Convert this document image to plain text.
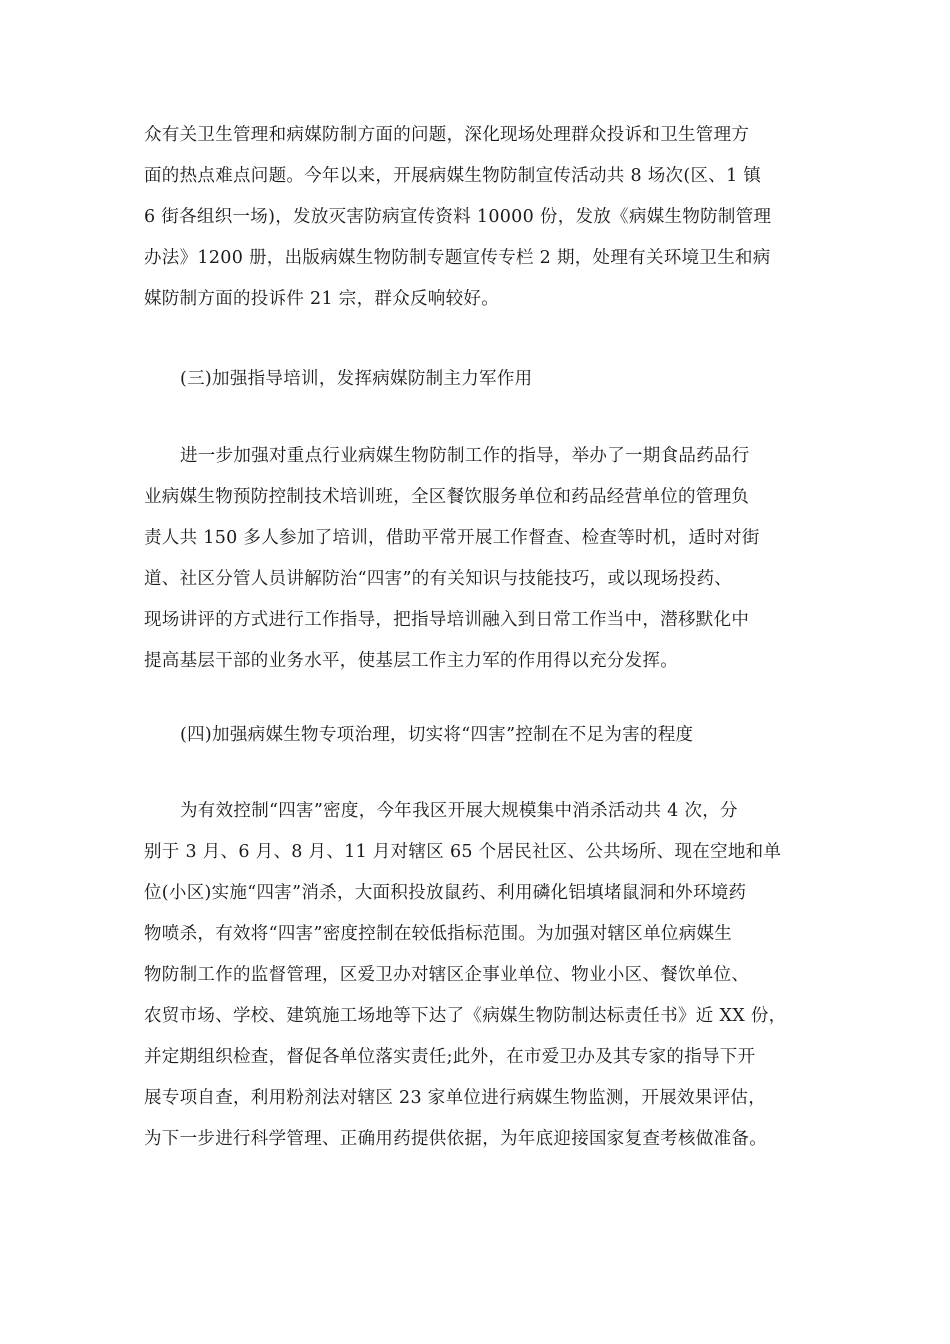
众有关卫生管理和病媒防制方面的问题，深化现场处理群众投诉和卫生管理方
面的热点难点问题。今年以来，开展病媒生物防制宣传活动共 8 场次(区、1 镇
6 街各组织一场)，发放灭害防病宣传资料 10000 份，发放《病媒生物防制管理
办法》1200 册，出版病媒生物防制专题宣传专栏 2 期，处理有关环境卫生和病
媒防制方面的投诉件 21 宗，群众反响较好。
(三)加强指导培训，发挥病媒防制主力军作用
进一步加强对重点行业病媒生物防制工作的指导，举办了一期食品药品行
业病媒生物预防控制技术培训班，全区餐饮服务单位和药品经营单位的管理负
责人共 150 多人参加了培训，借助平常开展工作督查、检查等时机，适时对街
道、社区分管人员讲解防治“四害”的有关知识与技能技巧，或以现场投药、
现场讲评的方式进行工作指导，把指导培训融入到日常工作当中，潜移默化中
提高基层干部的业务水平，使基层工作主力军的作用得以充分发挥。
(四)加强病媒生物专项治理，切实将“四害”控制在不足为害的程度
为有效控制“四害”密度，今年我区开展大规模集中消杀活动共 4 次，分
别于 3 月、6 月、8 月、11 月对辖区 65 个居民社区、公共场所、现在空地和单
位(小区)实施“四害”消杀，大面积投放鼠药、利用磷化铝填堵鼠洞和外环境药
物喷杀，有效将“四害”密度控制在较低指标范围。为加强对辖区单位病媒生
物防制工作的监督管理，区爱卫办对辖区企事业单位、物业小区、餐饮单位、
农贸市场、学校、建筑施工场地等下达了《病媒生物防制达标责任书》近 XX 份，
并定期组织检查，督促各单位落实责任;此外，在市爱卫办及其专家的指导下开
展专项自查，利用粉剂法对辖区 23 家单位进行病媒生物监测，开展效果评估，
为下一步进行科学管理、正确用药提供依据，为年底迎接国家复查考核做准备。
